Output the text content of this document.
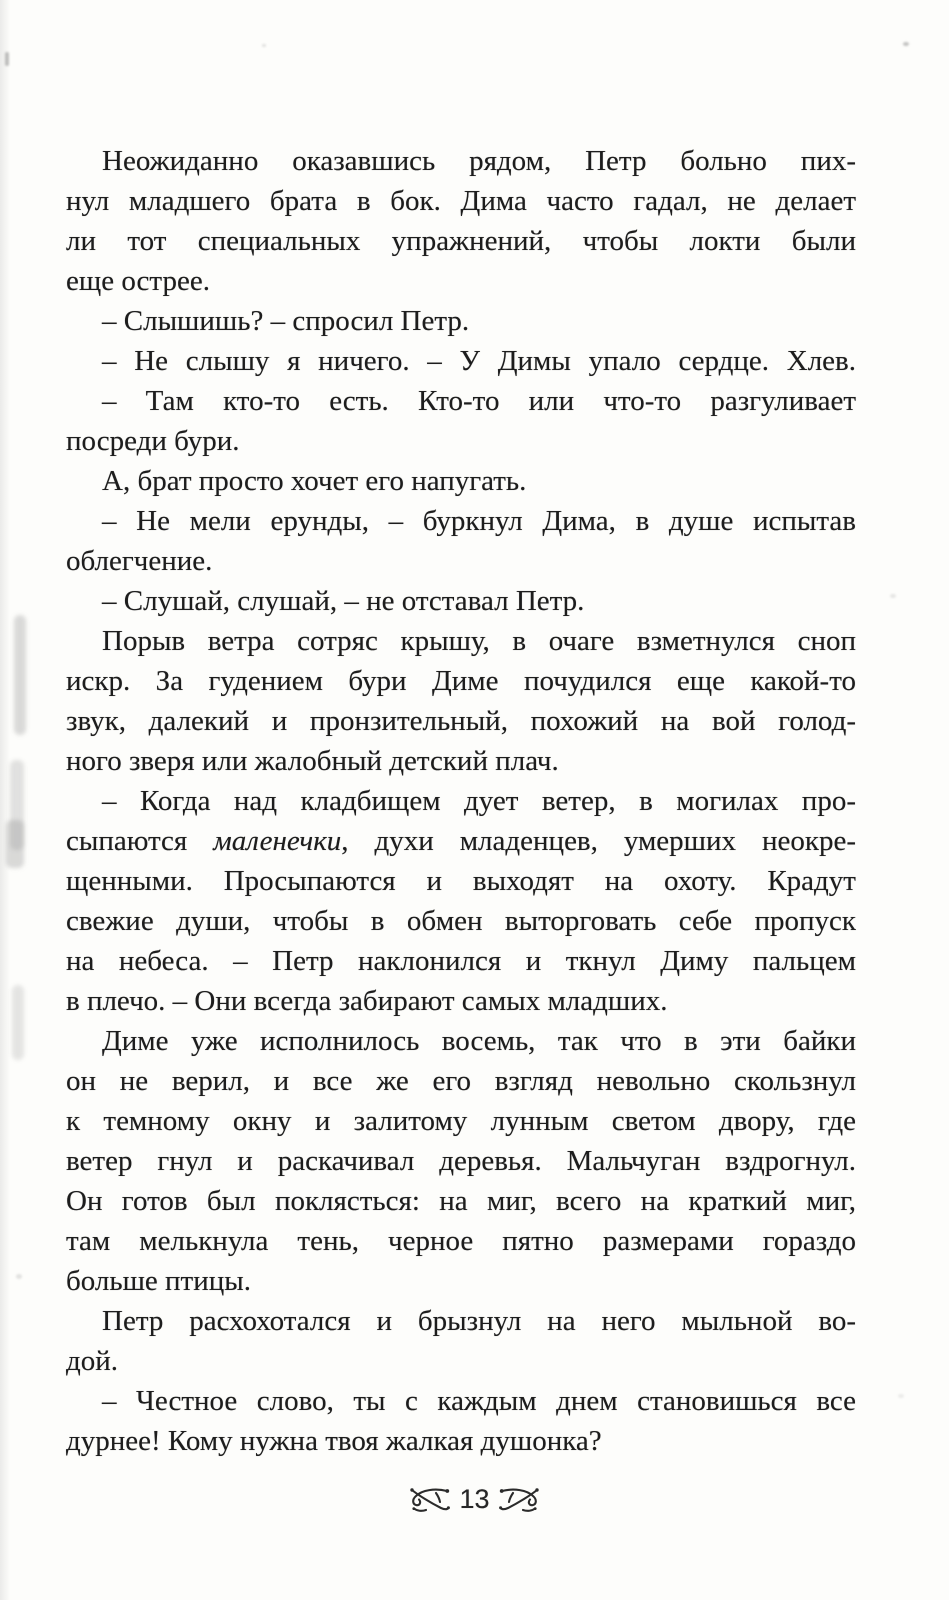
Неожиданно оказавшись рядом, Петр больно пих-
нул младшего брата в бок. Дима часто гадал, не делает
ли тот специальных упражнений, чтобы локти были
еще острее.
– Слышишь? – спросил Петр.
– Не слышу я ничего. – У Димы упало сердце. Хлев.
– Там кто-то есть. Кто-то или что-то разгуливает
посреди бури.
А, брат просто хочет его напугать.
– Не мели ерунды, – буркнул Дима, в душе испытав
облегчение.
– Слушай, слушай, – не отставал Петр.
Порыв ветра сотряс крышу, в очаге взметнулся сноп
искр. За гудением бури Диме почудился еще какой-то
звук, далекий и пронзительный, похожий на вой голод-
ного зверя или жалобный детский плач.
– Когда над кладбищем дует ветер, в могилах про-
сыпаются маленечки, духи младенцев, умерших неокре-
щенными. Просыпаются и выходят на охоту. Крадут
свежие души, чтобы в обмен выторговать себе пропуск
на небеса. – Петр наклонился и ткнул Диму пальцем
в плечо. – Они всегда забирают самых младших.
Диме уже исполнилось восемь, так что в эти байки
он не верил, и все же его взгляд невольно скользнул
к темному окну и залитому лунным светом двору, где
ветер гнул и раскачивал деревья. Мальчуган вздрогнул.
Он готов был поклясться: на миг, всего на краткий миг,
там мелькнула тень, черное пятно размерами гораздо
больше птицы.
Петр расхохотался и брызнул на него мыльной во-
дой.
– Честное слово, ты с каждым днем становишься все
дурнее! Кому нужна твоя жалкая душонка?
13
